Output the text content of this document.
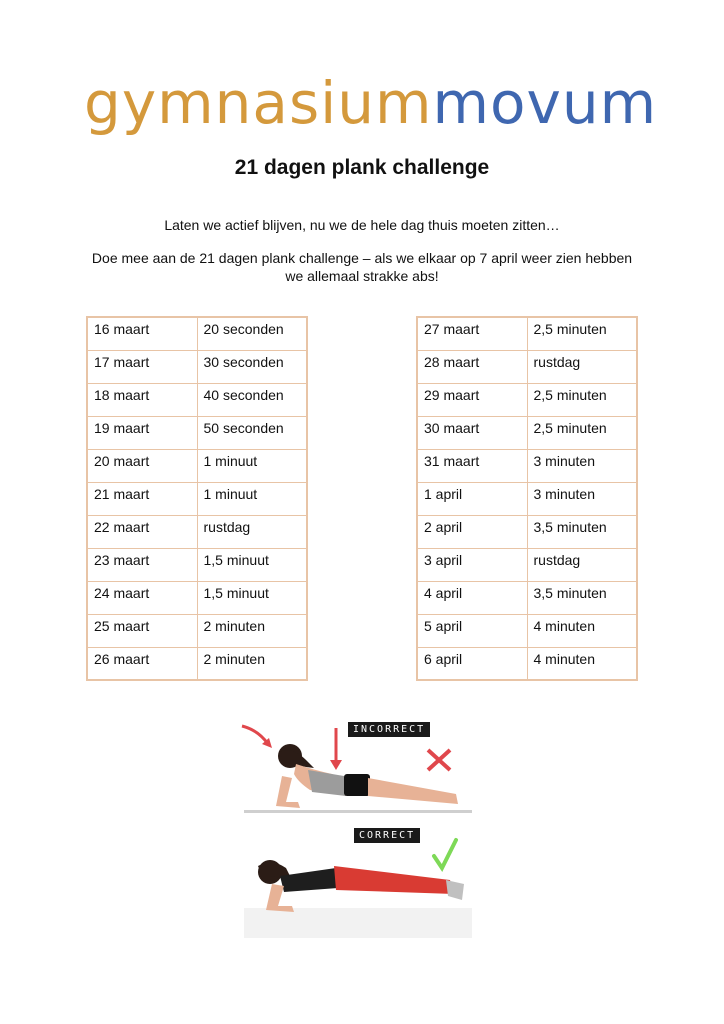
gymnasiummovum
21 dagen plank challenge
Laten we actief blijven, nu we de hele dag thuis moeten zitten…
Doe mee aan de 21 dagen plank challenge – als we elkaar op 7 april weer zien hebben we allemaal strakke abs!
16 maart	20 seconden
17 maart	30 seconden
18 maart	40 seconden
19 maart	50 seconden
20 maart	1 minuut
21 maart	1 minuut
22 maart	rustdag
23 maart	1,5 minuut
24 maart	1,5 minuut
25 maart	2 minuten
26 maart	2 minuten
27 maart	2,5 minuten
28 maart	rustdag
29 maart	2,5 minuten
30 maart	2,5 minuten
31 maart	3 minuten
1 april	3 minuten
2 april	3,5 minuten
3 april	rustdag
4 april	3,5 minuten
5 april	4 minuten
6 april	4 minuten
INCORRECT
CORRECT
